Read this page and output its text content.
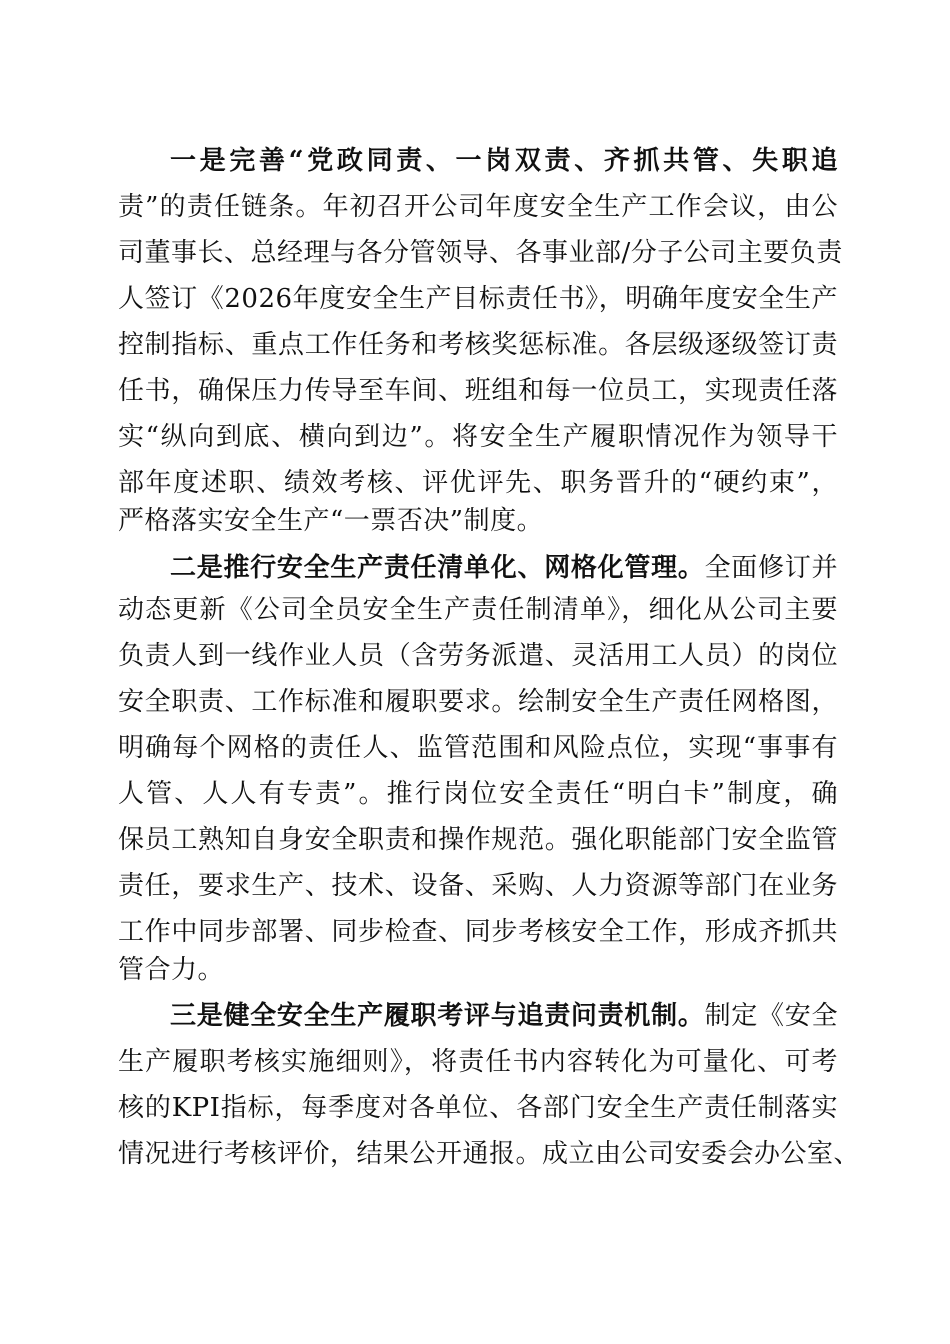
一是完善“党政同责、一岗双责、齐抓共管、失职追
责”的责任链条。年初召开公司年度安全生产工作会议，由公
司董事长、总经理与各分管领导、各事业部/分子公司主要负责
人签订《2026年度安全生产目标责任书》，明确年度安全生产
控制指标、重点工作任务和考核奖惩标准。各层级逐级签订责
任书，确保压力传导至车间、班组和每一位员工，实现责任落
实“纵向到底、横向到边”。将安全生产履职情况作为领导干
部年度述职、绩效考核、评优评先、职务晋升的“硬约束”，
严格落实安全生产“一票否决”制度。
二是推行安全生产责任清单化、网格化管理。全面修订并
动态更新《公司全员安全生产责任制清单》，细化从公司主要
负责人到一线作业人员（含劳务派遣、灵活用工人员）的岗位
安全职责、工作标准和履职要求。绘制安全生产责任网格图，
明确每个网格的责任人、监管范围和风险点位，实现“事事有
人管、人人有专责”。推行岗位安全责任“明白卡”制度，确
保员工熟知自身安全职责和操作规范。强化职能部门安全监管
责任，要求生产、技术、设备、采购、人力资源等部门在业务
工作中同步部署、同步检查、同步考核安全工作，形成齐抓共
管合力。
三是健全安全生产履职考评与追责问责机制。制定《安全
生产履职考核实施细则》，将责任书内容转化为可量化、可考
核的KPI指标，每季度对各单位、各部门安全生产责任制落实
情况进行考核评价，结果公开通报。成立由公司安委会办公室、
